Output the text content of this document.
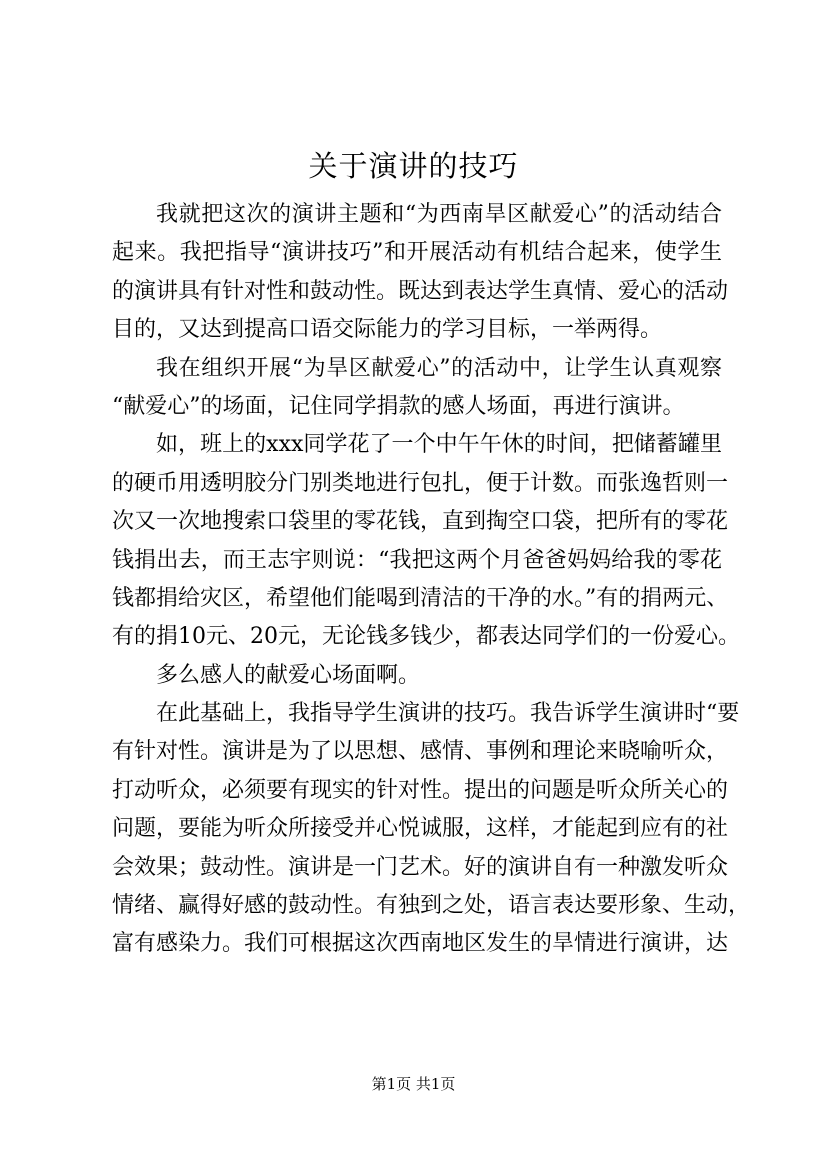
关于演讲的技巧
我就把这次的演讲主题和“为西南旱区献爱心”的活动结合
起来。我把指导“演讲技巧”和开展活动有机结合起来，使学生
的演讲具有针对性和鼓动性。既达到表达学生真情、爱心的活动
目的，又达到提高口语交际能力的学习目标，一举两得。
我在组织开展“为旱区献爱心”的活动中，让学生认真观察
“献爱心”的场面，记住同学捐款的感人场面，再进行演讲。
如，班上的xxx同学花了一个中午午休的时间，把储蓄罐里
的硬币用透明胶分门别类地进行包扎，便于计数。而张逸哲则一
次又一次地搜索口袋里的零花钱，直到掏空口袋，把所有的零花
钱捐出去，而王志宇则说：“我把这两个月爸爸妈妈给我的零花
钱都捐给灾区，希望他们能喝到清洁的干净的水。”有的捐两元、
有的捐10元、20元，无论钱多钱少，都表达同学们的一份爱心。
多么感人的献爱心场面啊。
在此基础上，我指导学生演讲的技巧。我告诉学生演讲时“要
有针对性。演讲是为了以思想、感情、事例和理论来晓喻听众，
打动听众，必须要有现实的针对性。提出的问题是听众所关心的
问题，要能为听众所接受并心悦诚服，这样，才能起到应有的社
会效果；鼓动性。演讲是一门艺术。好的演讲自有一种激发听众
情绪、赢得好感的鼓动性。有独到之处，语言表达要形象、生动，
富有感染力。我们可根据这次西南地区发生的旱情进行演讲，达
第1页 共1页
